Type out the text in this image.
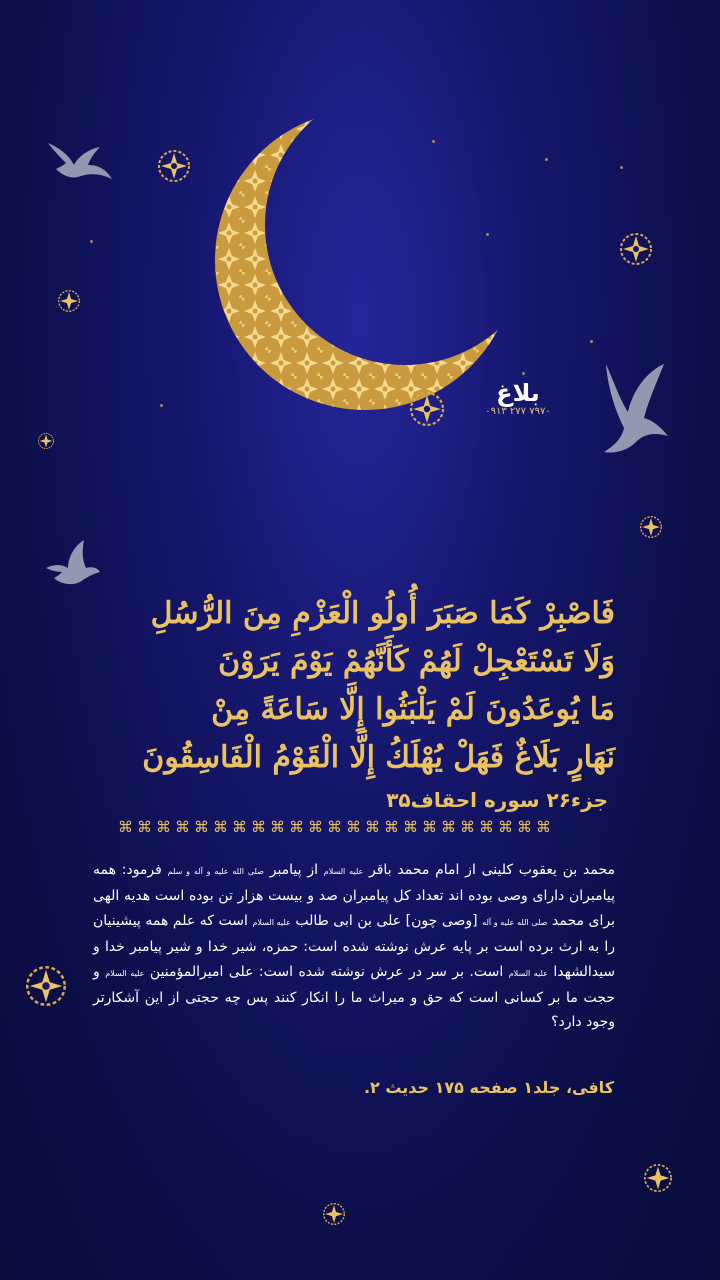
بلاغ
۰۹۱۳ ۲۷۷ ۷۹۷۰
فَاصْبِرْ كَمَا صَبَرَ أُولُو الْعَزْمِ مِنَ الرُّسُلِ
وَلَا تَسْتَعْجِلْ لَهُمْ كَأَنَّهُمْ يَوْمَ يَرَوْنَ
مَا يُوعَدُونَ لَمْ يَلْبَثُوا إِلَّا سَاعَةً مِنْ
نَهَارٍ بَلَاغٌ فَهَلْ يُهْلَكُ إِلَّا الْقَوْمُ الْفَاسِقُونَ
جزء۲۶ سوره احقاف۳۵
⌘⌘⌘⌘⌘⌘⌘⌘⌘⌘⌘⌘⌘⌘⌘⌘⌘⌘⌘⌘⌘⌘⌘
محمد بن یعقوب کلینی از امام محمد باقر علیه السلام از پیامبر صلی الله علیه و آله و سلم فرمود: همه پیامبران دارای وصی بوده اند تعداد کل پیامبران صد و بیست هزار تن بوده است هدیه الهی برای محمد صلی الله علیه و آله [وصی چون] علی بن ابی طالب علیه السلام است که علم همه پیشینیان را به ارث برده است بر پایه عرش نوشته شده است: حمزه، شیر خدا و شیر پیامبر خدا و سیدالشهدا علیه السلام است. بر سر در عرش نوشته شده است: علی امیرالمؤمنین علیه السلام و حجت ما بر کسانی است که حق و میراث ما را انکار کنند پس چه حجتی از این آشکارتر وجود دارد؟
کافی، جلد۱ صفحه ۱۷۵ حدیث ۲.
